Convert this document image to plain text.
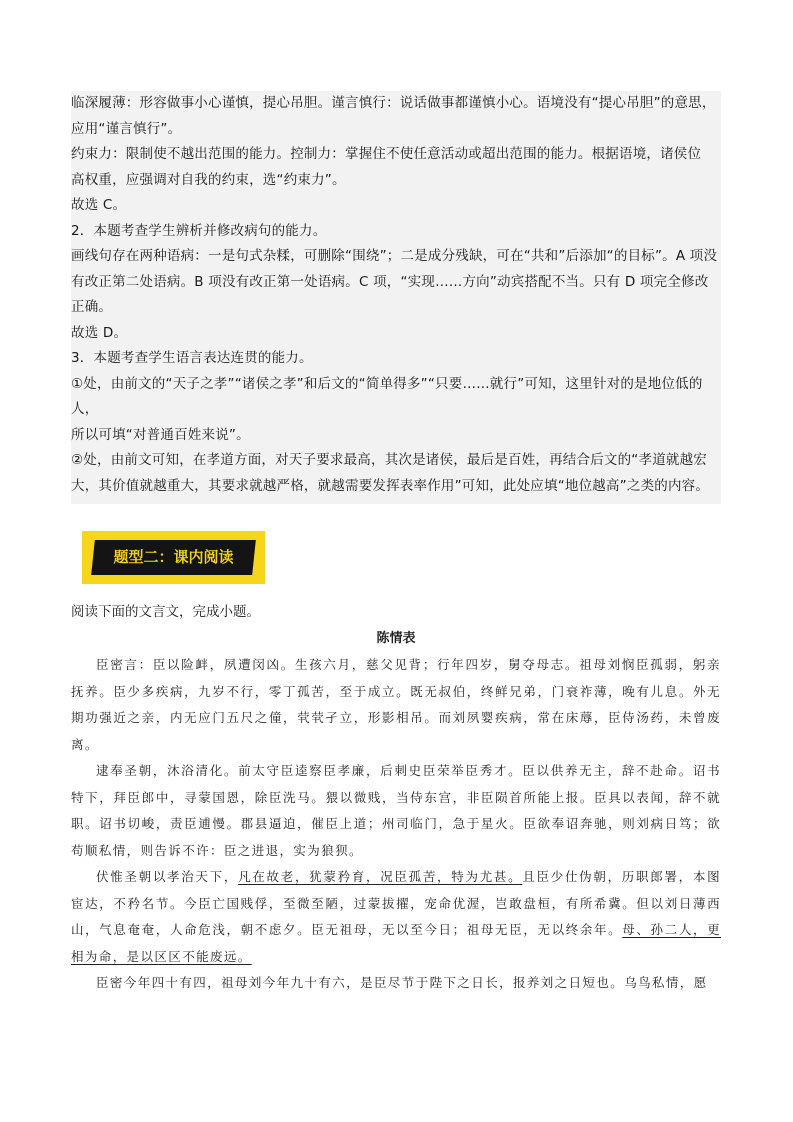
临深履薄：形容做事小心谨慎，提心吊胆。谨言慎行：说话做事都谨慎小心。语境没有“提心吊胆”的意思，

应用“谨言慎行”。

约束力：限制使不越出范围的能力。控制力：掌握住不使任意活动或超出范围的能力。根据语境，诸侯位

高权重，应强调对自我的约束，选“约束力”。

故选 C。

2．本题考查学生辨析并修改病句的能力。

画线句存在两种语病：一是句式杂糅，可删除“围绕”；二是成分残缺，可在“共和”后添加“的目标”。A 项没

有改正第二处语病。B 项没有改正第一处语病。C 项，“实现……方向”动宾搭配不当。只有 D 项完全修改

正确。

故选 D。

3．本题考查学生语言表达连贯的能力。

①处，由前文的“天子之孝”“诸侯之孝”和后文的“简单得多”“只要……就行”可知，这里针对的是地位低的人，

所以可填“对普通百姓来说”。

②处，由前文可知，在孝道方面，对天子要求最高，其次是诸侯，最后是百姓，再结合后文的“孝道就越宏

大，其价值就越重大，其要求就越严格，就越需要发挥表率作用”可知，此处应填“地位越高”之类的内容。

题型二：课内阅读
阅读下面的文言文，完成小题。
陈情表

臣密言：臣以险衅，夙遭闵凶。生孩六月，慈父见背；行年四岁，舅夺母志。祖母刘悯臣孤弱，躬亲抚养。臣少多疾病，九岁不行，零丁孤苦，至于成立。既无叔伯，终鲜兄弟，门衰祚薄，晚有儿息。外无期功强近之亲，内无应门五尺之僮，茕茕孑立，形影相吊。而刘夙婴疾病，常在床蓐，臣侍汤药，未曾废离。

逮奉圣朝，沐浴清化。前太守臣逵察臣孝廉，后刺史臣荣举臣秀才。臣以供养无主，辞不赴命。诏书特下，拜臣郎中，寻蒙国恩，除臣洗马。猥以微贱，当侍东宫，非臣陨首所能上报。臣具以表闻，辞不就职。诏书切峻，责臣逋慢。郡县逼迫，催臣上道；州司临门，急于星火。臣欲奉诏奔驰，则刘病日笃；欲苟顺私情，则告诉不许：臣之进退，实为狼狈。

伏惟圣朝以孝治天下，凡在故老，犹蒙矜育，况臣孤苦，特为尤甚。且臣少仕伪朝，历职郎署，本图宦达，不矜名节。今臣亡国贱俘，至微至陋，过蒙拔擢，宠命优渥，岂敢盘桓，有所希冀。但以刘日薄西山，气息奄奄，人命危浅，朝不虑夕。臣无祖母，无以至今日；祖母无臣，无以终余年。母、孙二人，更相为命，是以区区不能废远。

臣密今年四十有四，祖母刘今年九十有六，是臣尽节于陛下之日长，报养刘之日短也。乌鸟私情，愿
